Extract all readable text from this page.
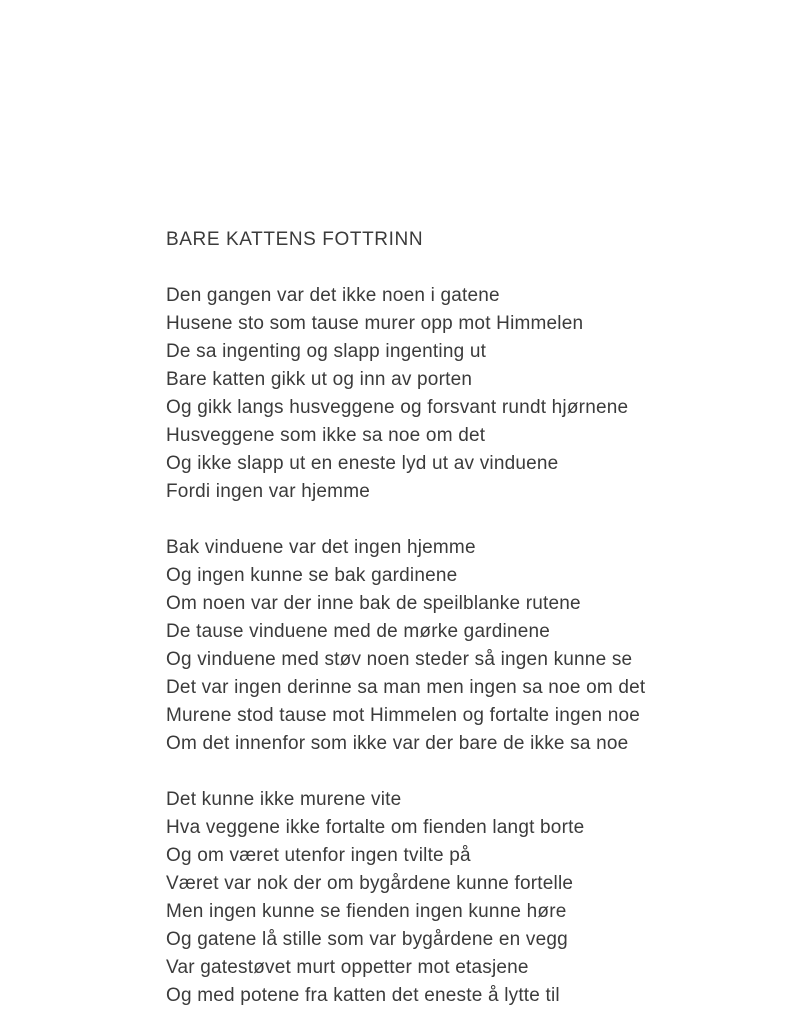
BARE KATTENS FOTTRINN

Den gangen var det ikke noen i gatene

Husene sto som tause murer opp mot Himmelen

De sa ingenting og slapp ingenting ut

Bare katten gikk ut og inn av porten

Og gikk langs husveggene og forsvant rundt hjørnene

Husveggene som ikke sa noe om det

Og ikke slapp ut en eneste lyd ut av vinduene

Fordi ingen var hjemme

Bak vinduene var det ingen hjemme

Og ingen kunne se bak gardinene

Om noen var der inne bak de speilblanke rutene

De tause vinduene med de mørke gardinene

Og vinduene med støv noen steder så ingen kunne se

Det var ingen derinne sa man men ingen sa noe om det

Murene stod tause mot Himmelen og fortalte ingen noe

Om det innenfor som ikke var der bare de ikke sa noe

Det kunne ikke murene vite

Hva veggene ikke fortalte om fienden langt borte

Og om været utenfor ingen tvilte på

Været var nok der om bygårdene kunne fortelle

Men ingen kunne se fienden ingen kunne høre

Og gatene lå stille som var bygårdene en vegg

Var gatestøvet murt oppetter mot etasjene

Og med potene fra katten det eneste å lytte til
